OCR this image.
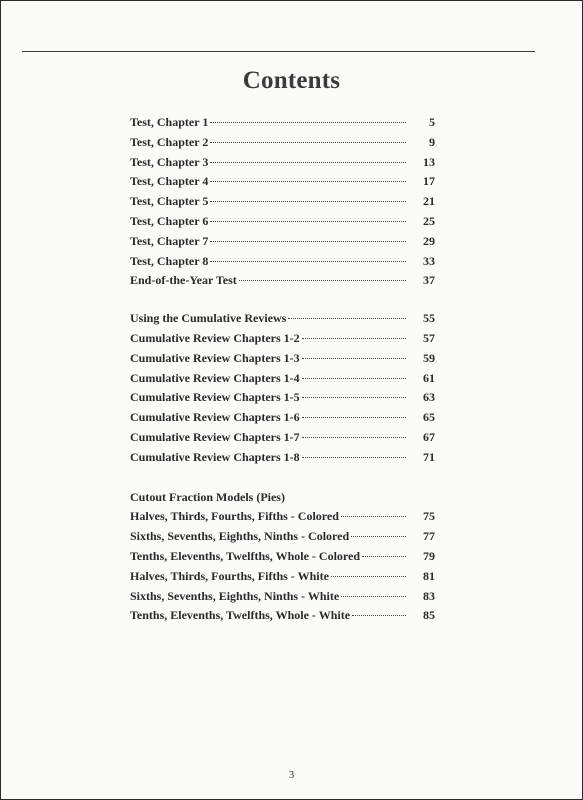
Contents
Test, Chapter 1	5
Test, Chapter 2	9
Test, Chapter 3	13
Test, Chapter 4	17
Test, Chapter 5	21
Test, Chapter 6	25
Test, Chapter 7	29
Test, Chapter 8	33
End-of-the-Year Test	37
Using the Cumulative Reviews	55
Cumulative Review Chapters 1-2	57
Cumulative Review Chapters 1-3	59
Cumulative Review Chapters 1-4	61
Cumulative Review Chapters 1-5	63
Cumulative Review Chapters 1-6	65
Cumulative Review Chapters 1-7	67
Cumulative Review Chapters 1-8	71
Cutout Fraction Models (Pies)
Halves, Thirds, Fourths, Fifths - Colored	75
Sixths, Sevenths, Eighths, Ninths - Colored	77
Tenths, Elevenths, Twelfths, Whole - Colored	79
Halves, Thirds, Fourths, Fifths - White	81
Sixths, Sevenths, Eighths, Ninths - White	83
Tenths, Elevenths, Twelfths, Whole - White	85
3
